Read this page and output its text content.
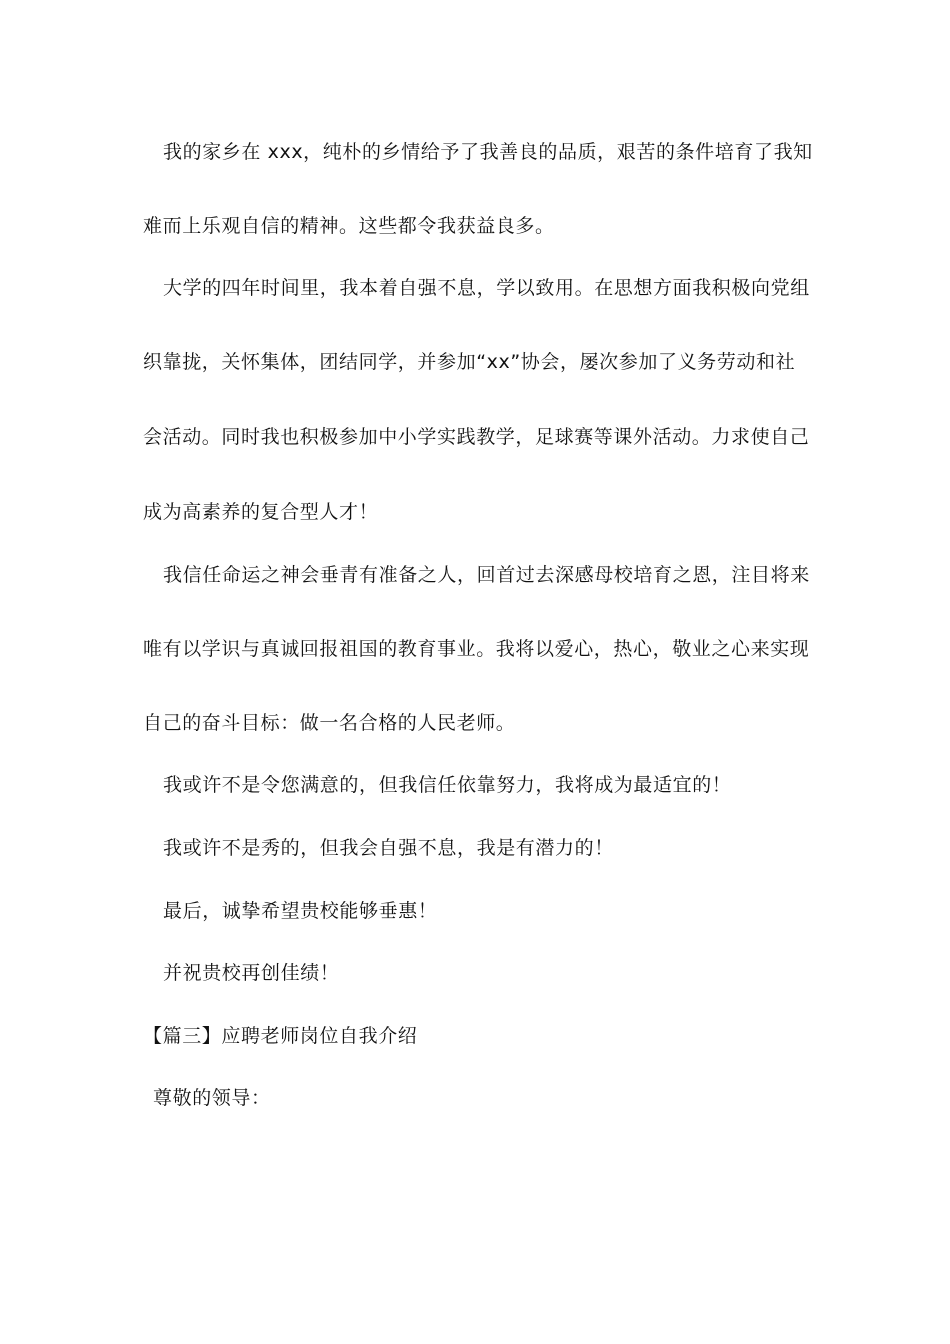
我的家乡在 xxx，纯朴的乡情给予了我善良的品质，艰苦的条件培育了我知
难而上乐观自信的精神。这些都令我获益良多。
大学的四年时间里，我本着自强不息，学以致用。在思想方面我积极向党组
织靠拢，关怀集体，团结同学，并参加“xx”协会，屡次参加了义务劳动和社
会活动。同时我也积极参加中小学实践教学，足球赛等课外活动。力求使自己
成为高素养的复合型人才！
我信任命运之神会垂青有准备之人，回首过去深感母校培育之恩，注目将来
唯有以学识与真诚回报祖国的教育事业。我将以爱心，热心，敬业之心来实现
自己的奋斗目标：做一名合格的人民老师。
我或许不是令您满意的，但我信任依靠努力，我将成为最适宜的！
我或许不是秀的，但我会自强不息，我是有潜力的！
最后，诚挚希望贵校能够垂惠！
并祝贵校再创佳绩！
【篇三】应聘老师岗位自我介绍
尊敬的领导：
